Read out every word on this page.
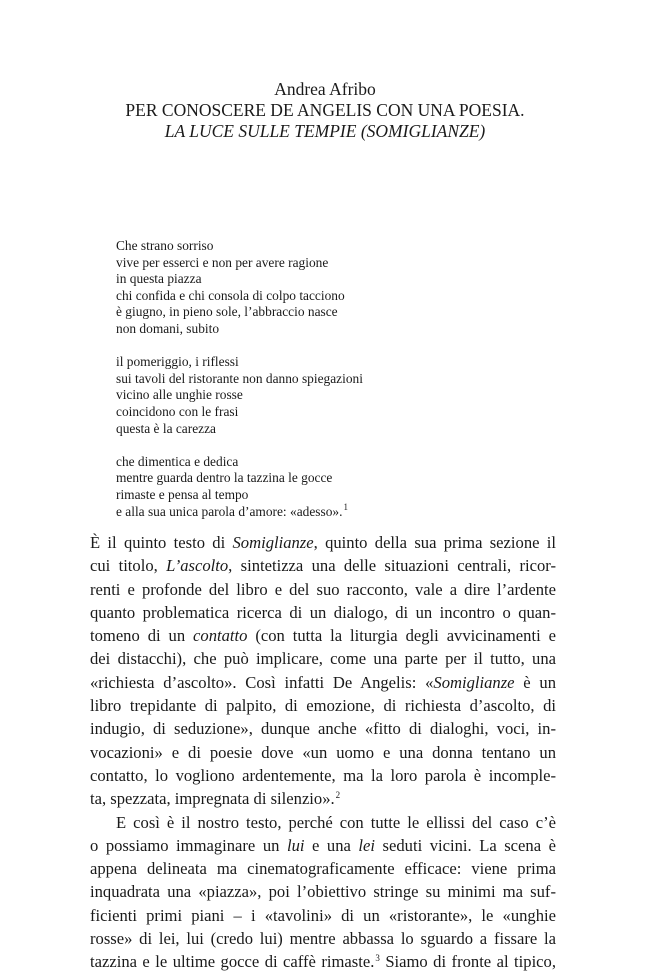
Andrea Afribo
PER CONOSCERE DE ANGELIS CON UNA POESIA.
LA LUCE SULLE TEMPIE (SOMIGLIANZE)
Che strano sorriso
vive per esserci e non per avere ragione
in questa piazza
chi confida e chi consola di colpo tacciono
è giugno, in pieno sole, l’abbraccio nasce
non domani, subito
il pomeriggio, i riflessi
sui tavoli del ristorante non danno spiegazioni
vicino alle unghie rosse
coincidono con le frasi
questa è la carezza
che dimentica e dedica
mentre guarda dentro la tazzina le gocce
rimaste e pensa al tempo
e alla sua unica parola d’amore: «adesso».$^1$
È il quinto testo di Somiglianze, quinto della sua prima sezione il
cui titolo, L’ascolto, sintetizza una delle situazioni centrali, ricor-
renti e profonde del libro e del suo racconto, vale a dire l’ardente
quanto problematica ricerca di un dialogo, di un incontro o quan-
tomeno di un contatto (con tutta la liturgia degli avvicinamenti e
dei distacchi), che può implicare, come una parte per il tutto, una
«richiesta d’ascolto». Così infatti De Angelis: «Somiglianze è un
libro trepidante di palpito, di emozione, di richiesta d’ascolto, di
indugio, di seduzione», dunque anche «fitto di dialoghi, voci, in-
vocazioni» e di poesie dove «un uomo e una donna tentano un
contatto, lo vogliono ardentemente, ma la loro parola è incomple-
ta, spezzata, impregnata di silenzio».$^2$
E così è il nostro testo, perché con tutte le ellissi del caso c’è
o possiamo immaginare un lui e una lei seduti vicini. La scena è
appena delineata ma cinematograficamente efficace: viene prima
inquadrata una «piazza», poi l’obiettivo stringe su minimi ma suf-
ficienti primi piani – i «tavolini» di un «ristorante», le «unghie
rosse» di lei, lui (credo lui) mentre abbassa lo sguardo a fissare la
tazzina e le ultime gocce di caffè rimaste.$^3$ Siamo di fronte al tipico,
